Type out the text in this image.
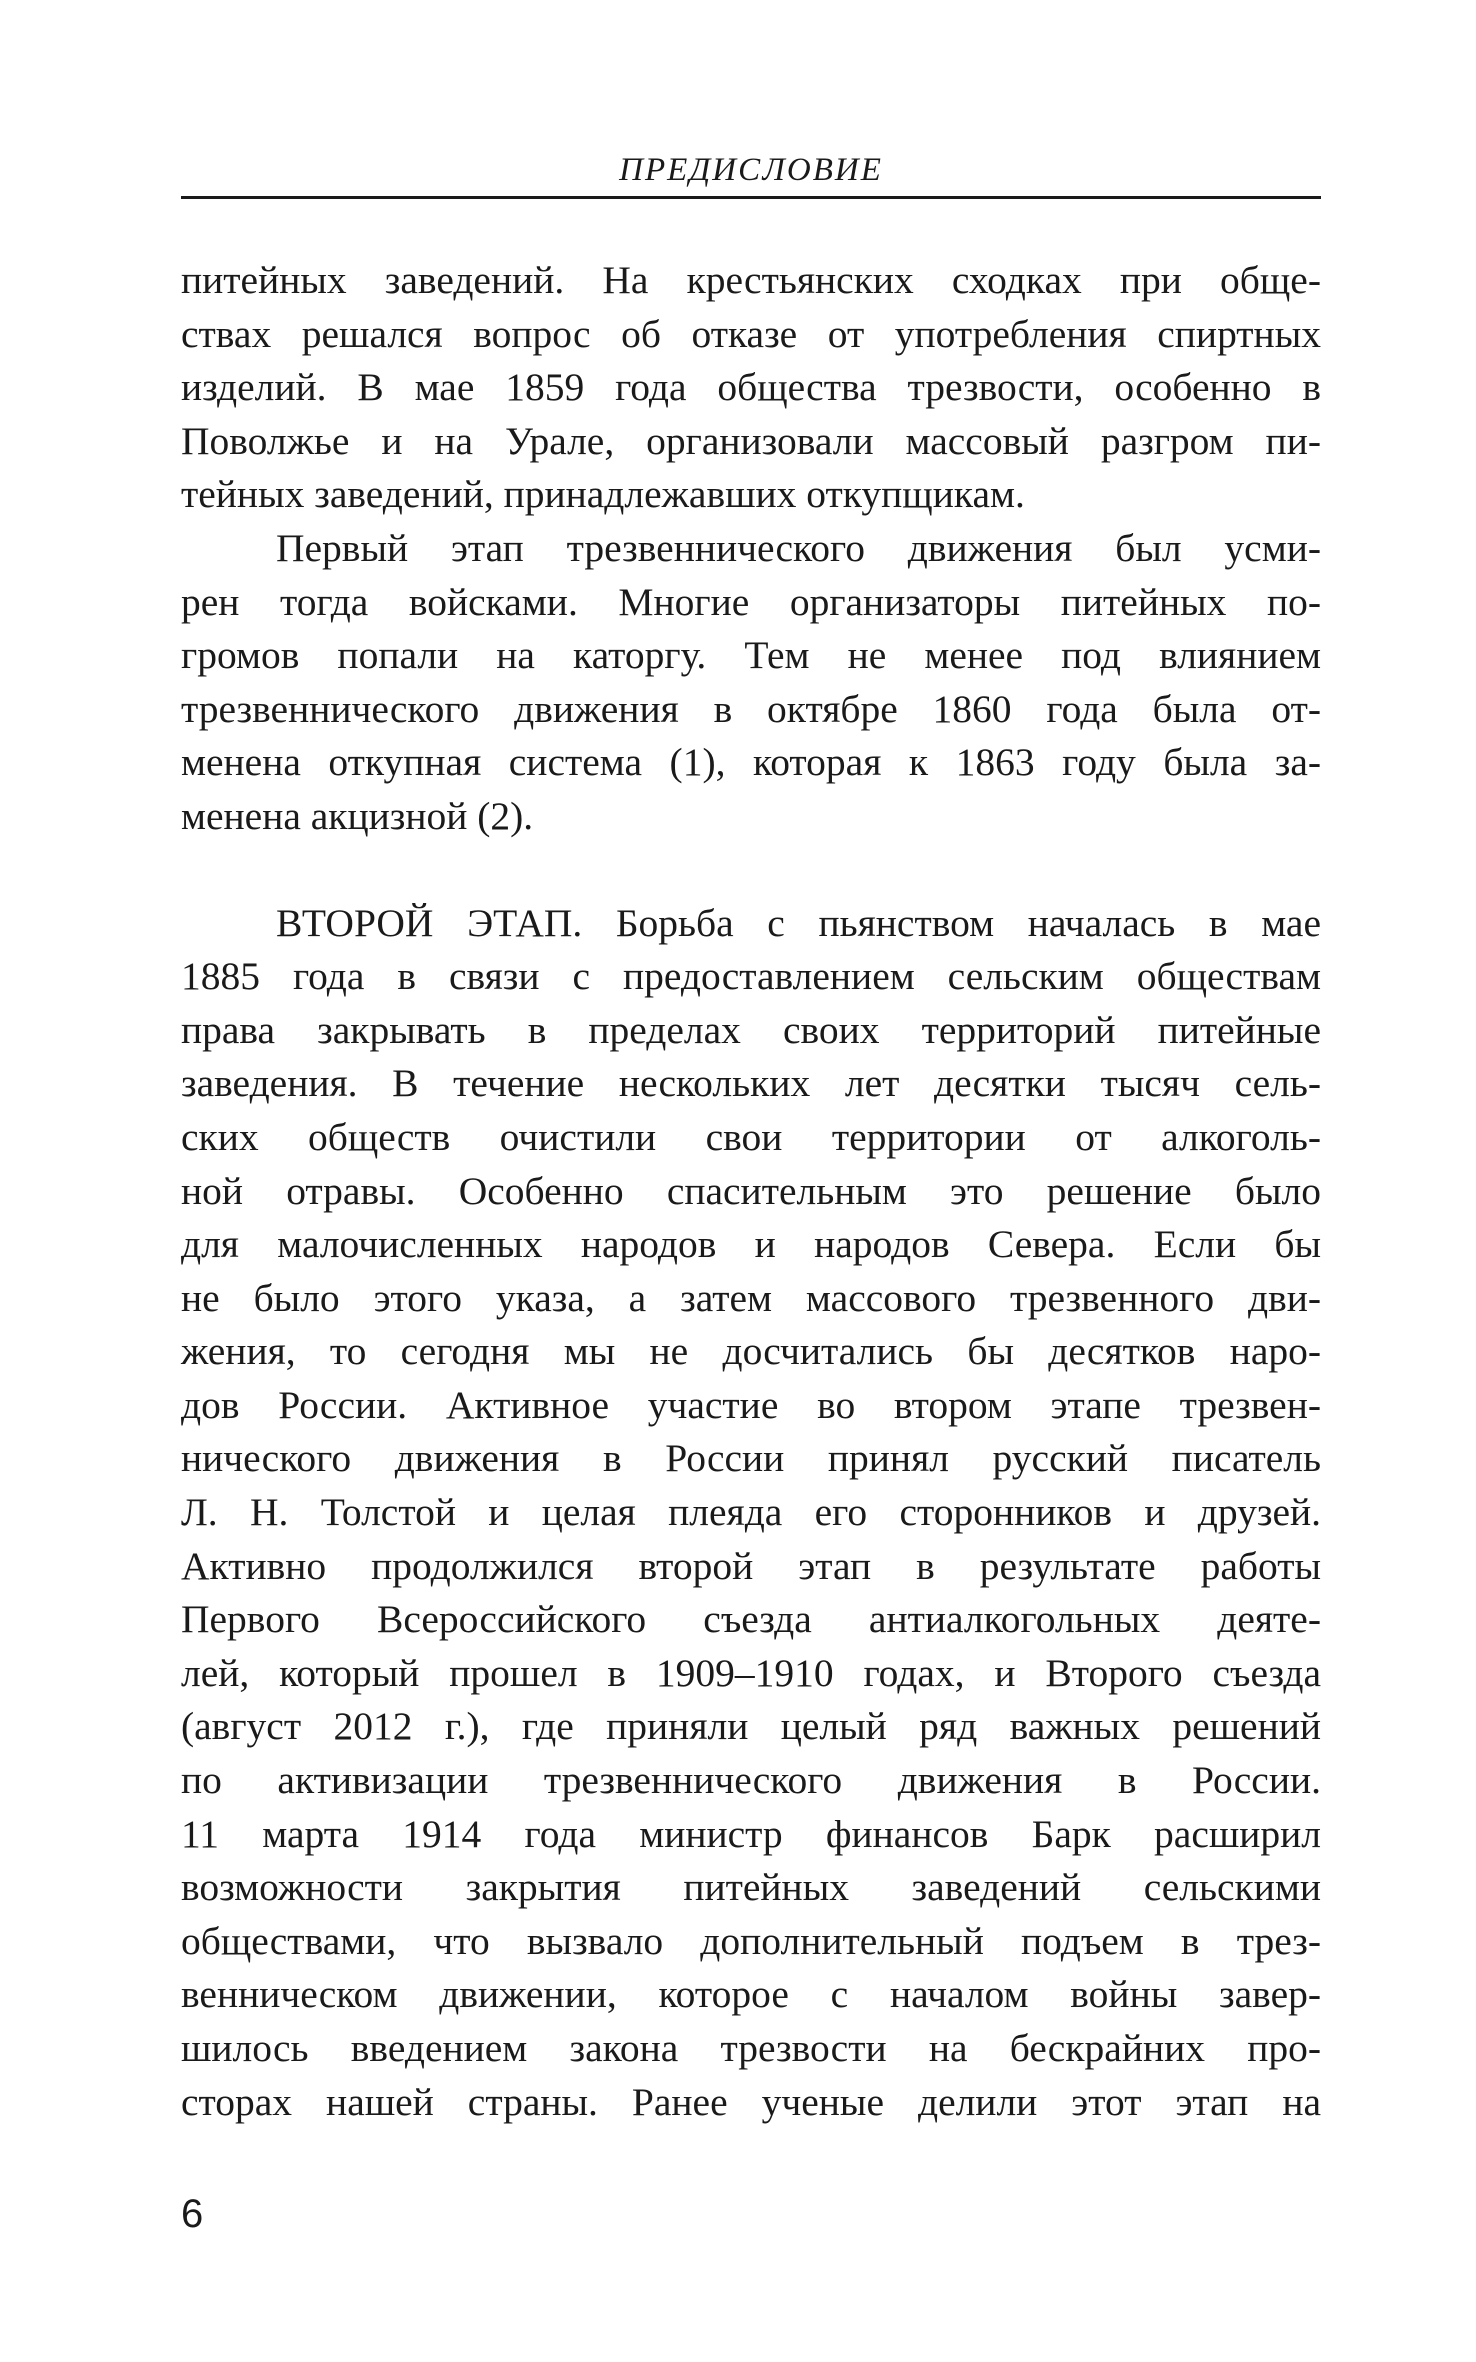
ПРЕДИСЛОВИЕ
питейных заведений. На крестьянских сходках при обще-
ствах решался вопрос об отказе от употребления спиртных
изделий. В мае 1859 года общества трезвости, особенно в
Поволжье и на Урале, организовали массовый разгром пи-
тейных заведений, принадлежавших откупщикам.
Первый этап трезвеннического движения был усми-
рен тогда войсками. Многие организаторы питейных по-
громов попали на каторгу. Тем не менее под влиянием
трезвеннического движения в октябре 1860 года была от-
менена откупная система (1), которая к 1863 году была за-
менена акцизной (2).
ВТОРОЙ ЭТАП. Борьба с пьянством началась в мае
1885 года в связи с предоставлением сельским обществам
права закрывать в пределах своих территорий питейные
заведения. В течение нескольких лет десятки тысяч сель-
ских обществ очистили свои территории от алкоголь-
ной отравы. Особенно спасительным это решение было
для малочисленных народов и народов Севера. Если бы
не было этого указа, а затем массового трезвенного дви-
жения, то сегодня мы не досчитались бы десятков наро-
дов России. Активное участие во втором этапе трезвен-
нического движения в России принял русский писатель
Л. Н. Толстой и целая плеяда его сторонников и друзей.
Активно продолжился второй этап в результате работы
Первого Всероссийского съезда антиалкогольных деяте-
лей, который прошел в 1909–1910 годах, и Второго съезда
(август 2012 г.), где приняли целый ряд важных решений
по активизации трезвеннического движения в России.
11 марта 1914 года министр финансов Барк расширил
возможности закрытия питейных заведений сельскими
обществами, что вызвало дополнительный подъем в трез-
венническом движении, которое с началом войны завер-
шилось введением закона трезвости на бескрайних про-
сторах нашей страны. Ранее ученые делили этот этап на
6
